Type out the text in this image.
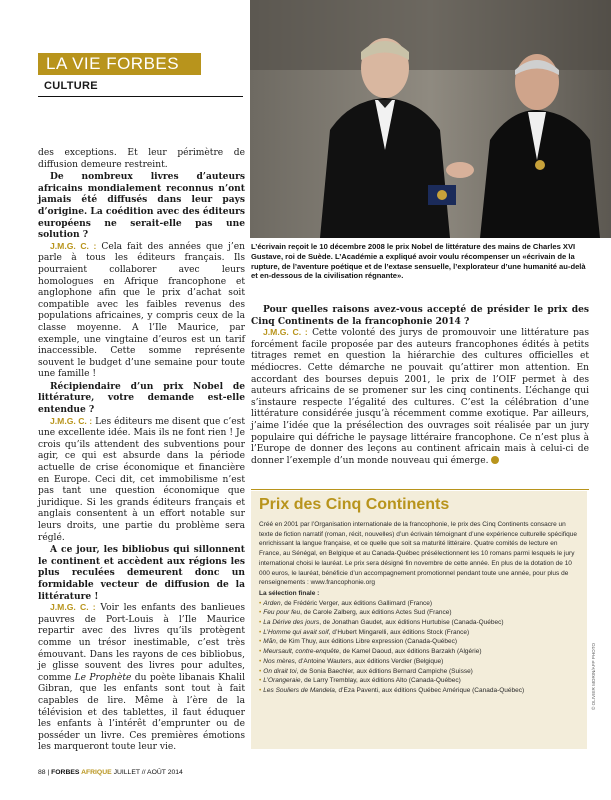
LA VIE FORBES
CULTURE
L’écrivain reçoit le 10 décembre 2008 le prix Nobel de littérature des mains de Charles XVI Gustave, roi de Suède. L’Académie a expliqué avoir voulu récompenser un «écrivain de la rupture, de l’aventure poétique et de l’extase sensuelle, l’explorateur d’une humanité au-delà et en-dessous de la civilisation régnante».

des exceptions. Et leur périmètre de diffusion demeure restreint.

De nombreux livres d’auteurs africains mondialement reconnus n’ont jamais été diffusés dans leur pays d’origine. La coédition avec des éditeurs européens ne serait-elle pas une solution ?

J.M.G. C. : Cela fait des années que j’en parle à tous les éditeurs français. Ils pourraient collaborer avec leurs homologues en Afrique francophone et anglophone afin que le prix d’achat soit compatible avec les faibles revenus des populations africaines, y compris ceux de la classe moyenne. A l’Ile Maurice, par exemple, une vingtaine d’euros est un tarif inaccessible. Cette somme représente souvent le budget d’une semaine pour toute une famille !

Récipiendaire d’un prix Nobel de littérature, votre demande est-elle entendue ?

J.M.G. C. : Les éditeurs me disent que c’est une excellente idée. Mais ils ne font rien ! Je crois qu’ils attendent des subventions pour agir, ce qui est absurde dans la période actuelle de crise économique et financière en Europe. Ceci dit, cet immobilisme n’est pas tant une question économique que juridique. Si les grands éditeurs français et anglais consentent à un effort notable sur leurs droits, une partie du problème sera réglé.

A ce jour, les bibliobus qui sillonnent le continent et accèdent aux régions les plus reculées demeurent donc un formidable vecteur de diffusion de la littérature !

J.M.G. C. : Voir les enfants des banlieues pauvres de Port-Louis à l’Ile Maurice repartir avec des livres qu’ils protègent comme un trésor inestimable, c’est très émouvant. Dans les rayons de ces bibliobus, je glisse souvent des livres pour adultes, comme Le Prophète du poète libanais Khalil Gibran, que les enfants sont tout à fait capables de lire. Même à l’ère de la télévision et des tablettes, il faut éduquer les enfants à l’intérêt d’emprunter ou de posséder un livre. Ces premières émotions les marqueront toute leur vie.

Pour quelles raisons avez-vous accepté de présider le prix des Cinq Continents de la francophonie 2014 ?

J.M.G. C. : Cette volonté des jurys de promouvoir une littérature pas forcément facile proposée par des auteurs francophones édités à petits titrages remet en question la hiérarchie des cultures officielles et médiocres. Cette démarche ne pouvait qu’attirer mon attention. En accordant des bourses depuis 2001, le prix de l’OIF permet à des auteurs africains de se promener sur les cinq continents. L’échange qui s’instaure respecte l’égalité des cultures. C’est la célébration d’une littérature considérée jusqu’à récemment comme exotique. Par ailleurs, j’aime l’idée que la présélection des ouvrages soit réalisée par un jury populaire qui défriche le paysage littéraire francophone. Ce n’est plus à l’Europe de donner des leçons au continent africain mais à celui-ci de donner l’exemple d’un monde nouveau qui émerge. F

Prix des Cinq Continents

Créé en 2001 par l’Organisation internationale de la francophonie, le prix des Cinq Continents consacre un texte de fiction narratif (roman, récit, nouvelles) d’un écrivain témoignant d’une expérience culturelle spécifique enrichissant la langue française, et ce quelle que soit sa maturité littéraire. Quatre comités de lecture en France, au Sénégal, en Belgique et au Canada-Québec présélectionnent les 10 romans parmi lesquels le jury international choisi le lauréat. Le prix sera désigné fin novembre de cette année. En plus de la dotation de 10 000 euros, le lauréat, bénéficie d’un accompagnement promotionnel pendant toute une année, pour plus de renseignements : www.francophonie.org

La sélection finale :

• Arden, de Frédéric Verger, aux éditions Gallimard (France)
• Feu pour feu, de Carole Zalberg, aux éditions Actes Sud (France)
• La Dérive des jours, de Jonathan Gaudet, aux éditions Hurtubise (Canada-Québec)
• L’Homme qui avait soif, d’Hubert Mingarelli, aux éditions Stock (France)
• Mãn, de Kim Thuy, aux éditions Libre expression (Canada-Québec)
• Meursault, contre-enquête, de Kamel Daoud, aux éditions Barzakh (Algérie)
• Nos mères, d’Antoine Wauters, aux éditions Verdier (Belgique)
• On dirait toi, de Sonia Baechler, aux éditions Bernard Campiche (Suisse)
• L’Orangeraie, de Larry Tremblay, aux éditions Alto (Canada-Québec)
• Les Souliers de Mandela, d’Eza Paventi, aux éditions Québec Amérique (Canada-Québec)	© OLIVIER MORIN/AFP PHOTO
88 | FORBES AFRIQUE JUILLET // AOÛT 2014
